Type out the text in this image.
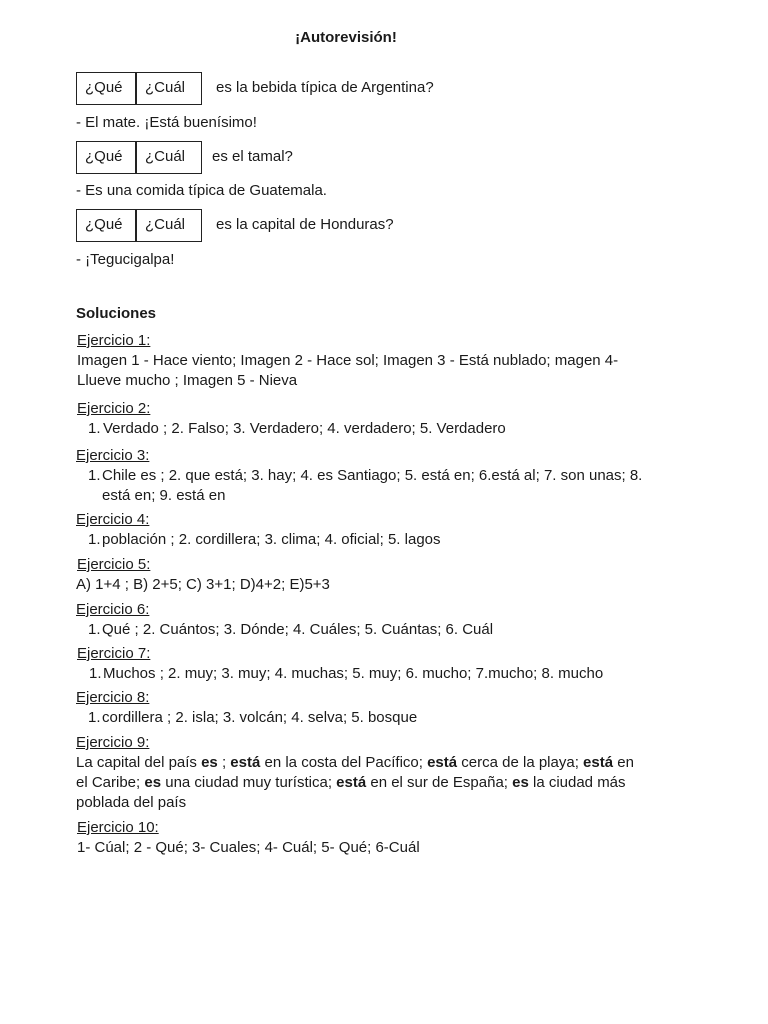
¡Autorevisión!
¿Qué	¿Cuál	es la bebida típica de Argentina?
- El mate. ¡Está buenísimo!
¿Qué	¿Cuál	es el tamal?
- Es una comida típica de Guatemala.
¿Qué	¿Cuál	es la capital de Honduras?
- ¡Tegucigalpa!
Soluciones
Ejercicio 1:
Imagen 1 - Hace viento; Imagen 2 - Hace sol; Imagen 3 - Está nublado; magen 4-
Llueve mucho ; Imagen 5 - Nieva
Ejercicio 2:
1. Verdado ; 2. Falso; 3. Verdadero; 4. verdadero; 5. Verdadero
Ejercicio 3:
1. Chile es ; 2. que está; 3. hay; 4. es Santiago; 5. está en; 6.está al; 7. son unas; 8.
está en; 9. está en
Ejercicio 4:
1. población ; 2. cordillera; 3. clima; 4. oficial; 5. lagos
Ejercicio 5:
A) 1+4 ; B) 2+5; C) 3+1; D)4+2; E)5+3
Ejercicio 6:
1. Qué ; 2. Cuántos; 3. Dónde; 4. Cuáles; 5. Cuántas; 6. Cuál
Ejercicio 7:
1. Muchos ; 2. muy; 3. muy; 4. muchas; 5. muy; 6. mucho; 7.mucho; 8. mucho
Ejercicio 8:
1. cordillera ; 2. isla; 3. volcán; 4. selva; 5. bosque
Ejercicio 9:
La capital del país es ; está en la costa del Pacífico; está cerca de la playa; está en
el Caribe; es una ciudad muy turística; está en el sur de España; es la ciudad más
poblada del país
Ejercicio 10:
1- Cúal; 2 - Qué; 3- Cuales; 4- Cuál; 5- Qué; 6-Cuál
